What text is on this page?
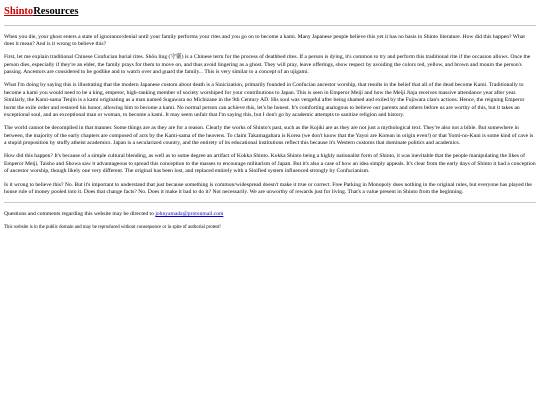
ShintoResources

When you die, your ghost enters a state of ignorance/denial until your family performs your rites and you go on to become a kami. Many Japanese people believe this yet it has no basis in Shinto literature. How did this happen? What does it mean? And is it wrong to believe this?

First, let me explain traditional Chinese Confucian burial rites. Shōu ling (守靈) is a Chinese term for the process of deathbed rites. If a person is dying, it's common to try and perform this traditional rite if the occasion allows. Once the person dies, especially if they're an elder, the family prays for them to move on, and thus avoid lingering as a ghost. They will pray, leave offerings, show respect by avoiding the colors red, yellow, and brown and mourn the person's passing. Ancestors are considered to be godlike and to watch over and guard the family... This is very similar to a concept of an ujigami.

What I'm doing by saying this is illustrating that the modern Japanese custom about death is a Sinicization, primarily founded in Confucian ancestor worship, that results in the belief that all of the dead become Kami. Traditionally to become a kami you would need to be a king, emperor, high-ranking member of society worshiped for your contributions to Japan. This is seen in Emperor Meiji and how the Meiji Jinja receives massive attendance year after year. Similarly, the Kami-sama Tenjin is a kami originating as a man named Sugawara no Michizane in the 9th Century AD. His soul was vengeful after being shamed and exiled by the Fujiwara clan's actions. Hence, the reigning Emperor burnt the exile order and restored his honor, allowing him to become a kami. No normal person can achieve this, let's be honest. It's comforting analogous to believe our parents and others before us are worthy of this, but it takes an exceptional soul, and an exceptional man or woman, to become a kami. It may seem unfair that I'm saying this, but I don't go by academic attempts to sanitize religion and history.

The world cannot be decompiled in that manner. Some things are as they are for a reason. Clearly the works of Shinto's past, such as the Kojiki are as they are not just a mythological text. They're also not a bible. But somewhere in between, the majority of the early chapters are composed of acts by the Kami-sama of the heavens. To claim Takamagahara is Korea (we don't know that the Yayoi are Korean in origin even!) or that Yomi-no-Kuni is some kind of cave is a stupid proposition by stuffy atheist academics. Japan is a secularized country, and the entirety of its educational institutions reflect this because it's Western customs that dominate politics and academics.

How did this happen? It's because of a simple cultural blending, as well as to some degree an artifact of Kokka Shinto. Kokka Shinto being a highly nationalist form of Shinto, it was inevitable that the people manipulating the likes of Emperor Meiji, Taisho and Showa saw it advantageous to spread this conception to the masses to encourage militarism of Japan. But it's also a case of how an idea simply appeals. It's clear from the early days of Shinto it had a conception of ancestor worship, though likely one very different. The original has been lost, and replaced entirely with a Sinified system influenced strongly by Confucianism.

Is it wrong to believe this? No. But it's important to understand that just because something is common/widespread doesn't make it true or correct. Free Parking in Monopoly does nothing in the original rules, but everyone has played the house rule of money pooled into it. Does that change facts? No. Does it make it bad to do it? Not necessarily. We are unworthy of rewards just for living. That's a value present in Shinto from the beginning.

Questions and comments regarding this website may be directed to johnyamada@protonmail.com

This website is in the public domain and may be reproduced without consequence or in spite of authorial protest!
